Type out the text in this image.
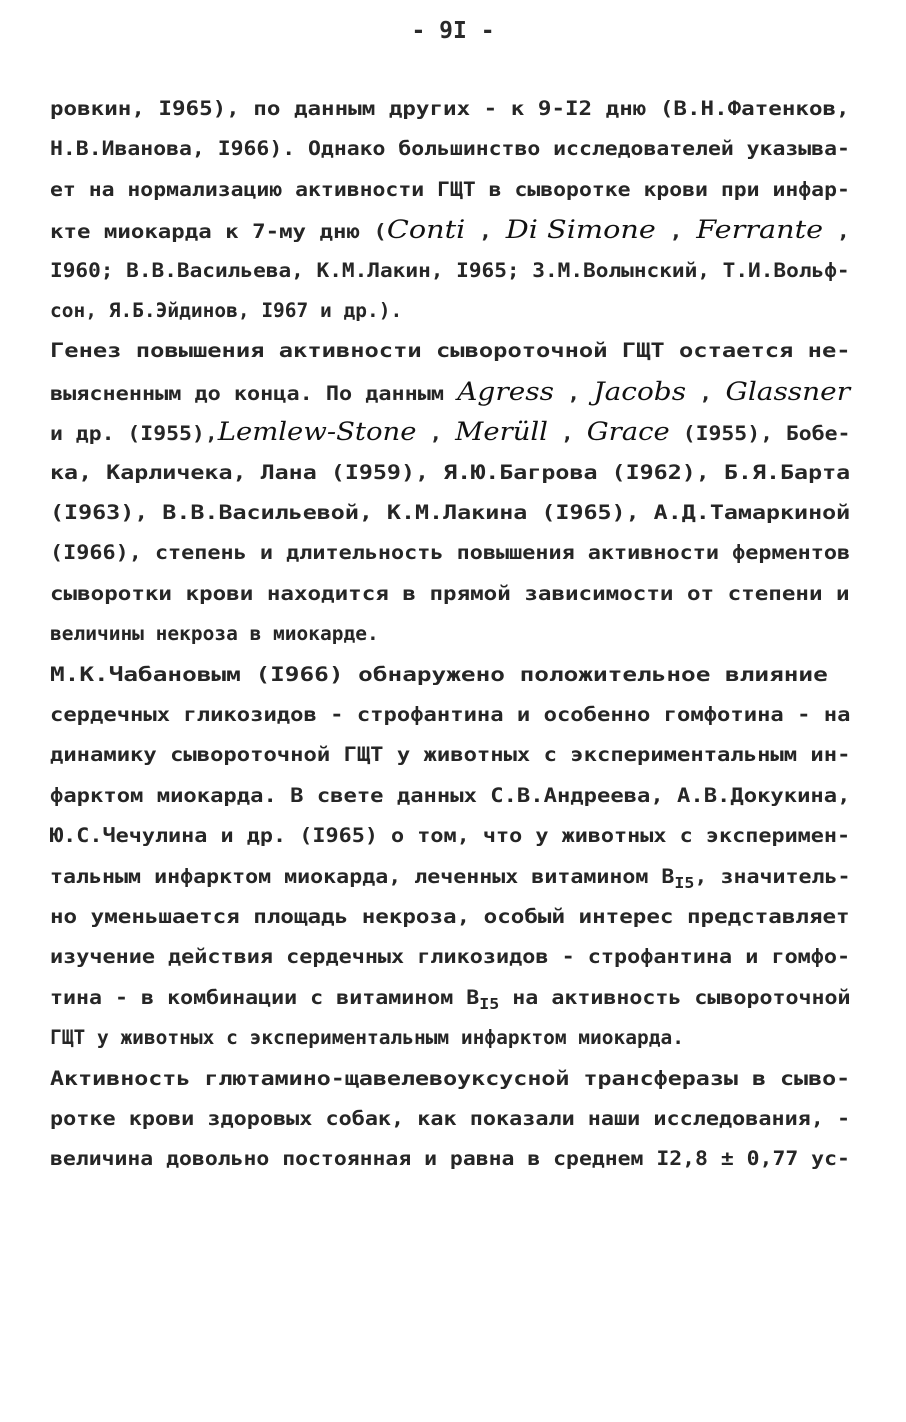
- 9I -
ровкин, I965), по данным других - к 9-I2 дню (В.Н.Фатенков,
Н.В.Иванова, I966). Однако большинство исследователей указыва-
ет на нормализацию активности ГЩТ в сыворотке крови при инфар-
кте миокарда к 7-му дню (Conti , Di Simone , Ferrante ,
I960; В.В.Васильева, К.М.Лакин, I965; З.М.Волынский, Т.И.Вольф-
сон, Я.Б.Эйдинов, I967 и др.).
Генез повышения активности сывороточной ГЩТ остается не-
выясненным до конца. По данным Agress , Jacobs , Glassner
и др. (I955),Lemlew-Stone , Merüll , Grace (I955), Бобе-
ка, Карличека, Лана (I959), Я.Ю.Багрова (I962), Б.Я.Барта
(I963), В.В.Васильевой, К.М.Лакина (I965), А.Д.Тамаркиной
(I966), степень и длительность повышения активности ферментов
сыворотки крови находится в прямой зависимости от степени и
величины некроза в миокарде.
М.К.Чабановым (I966) обнаружено положительное влияние
сердечных гликозидов - строфантина и особенно гомфотина - на
динамику сывороточной ГЩТ у животных с экспериментальным ин-
фарктом миокарда. В свете данных С.В.Андреева, А.В.Докукина,
Ю.С.Чечулина и др. (I965) о том, что у животных с эксперимен-
тальным инфарктом миокарда, леченных витамином $В_{I5}$, значитель-
но уменьшается площадь некроза, особый интерес представляет
изучение действия сердечных гликозидов - строфантина и гомфо-
тина - в комбинации с витамином $В_{I5}$ на активность сывороточной
ГЩТ у животных с экспериментальным инфарктом миокарда.
Активность глютамино-щавелевоуксусной трансферазы в сыво-
ротке крови здоровых собак, как показали наши исследования, -
величина довольно постоянная и равна в среднем I2,8 ± 0,77 ус-
